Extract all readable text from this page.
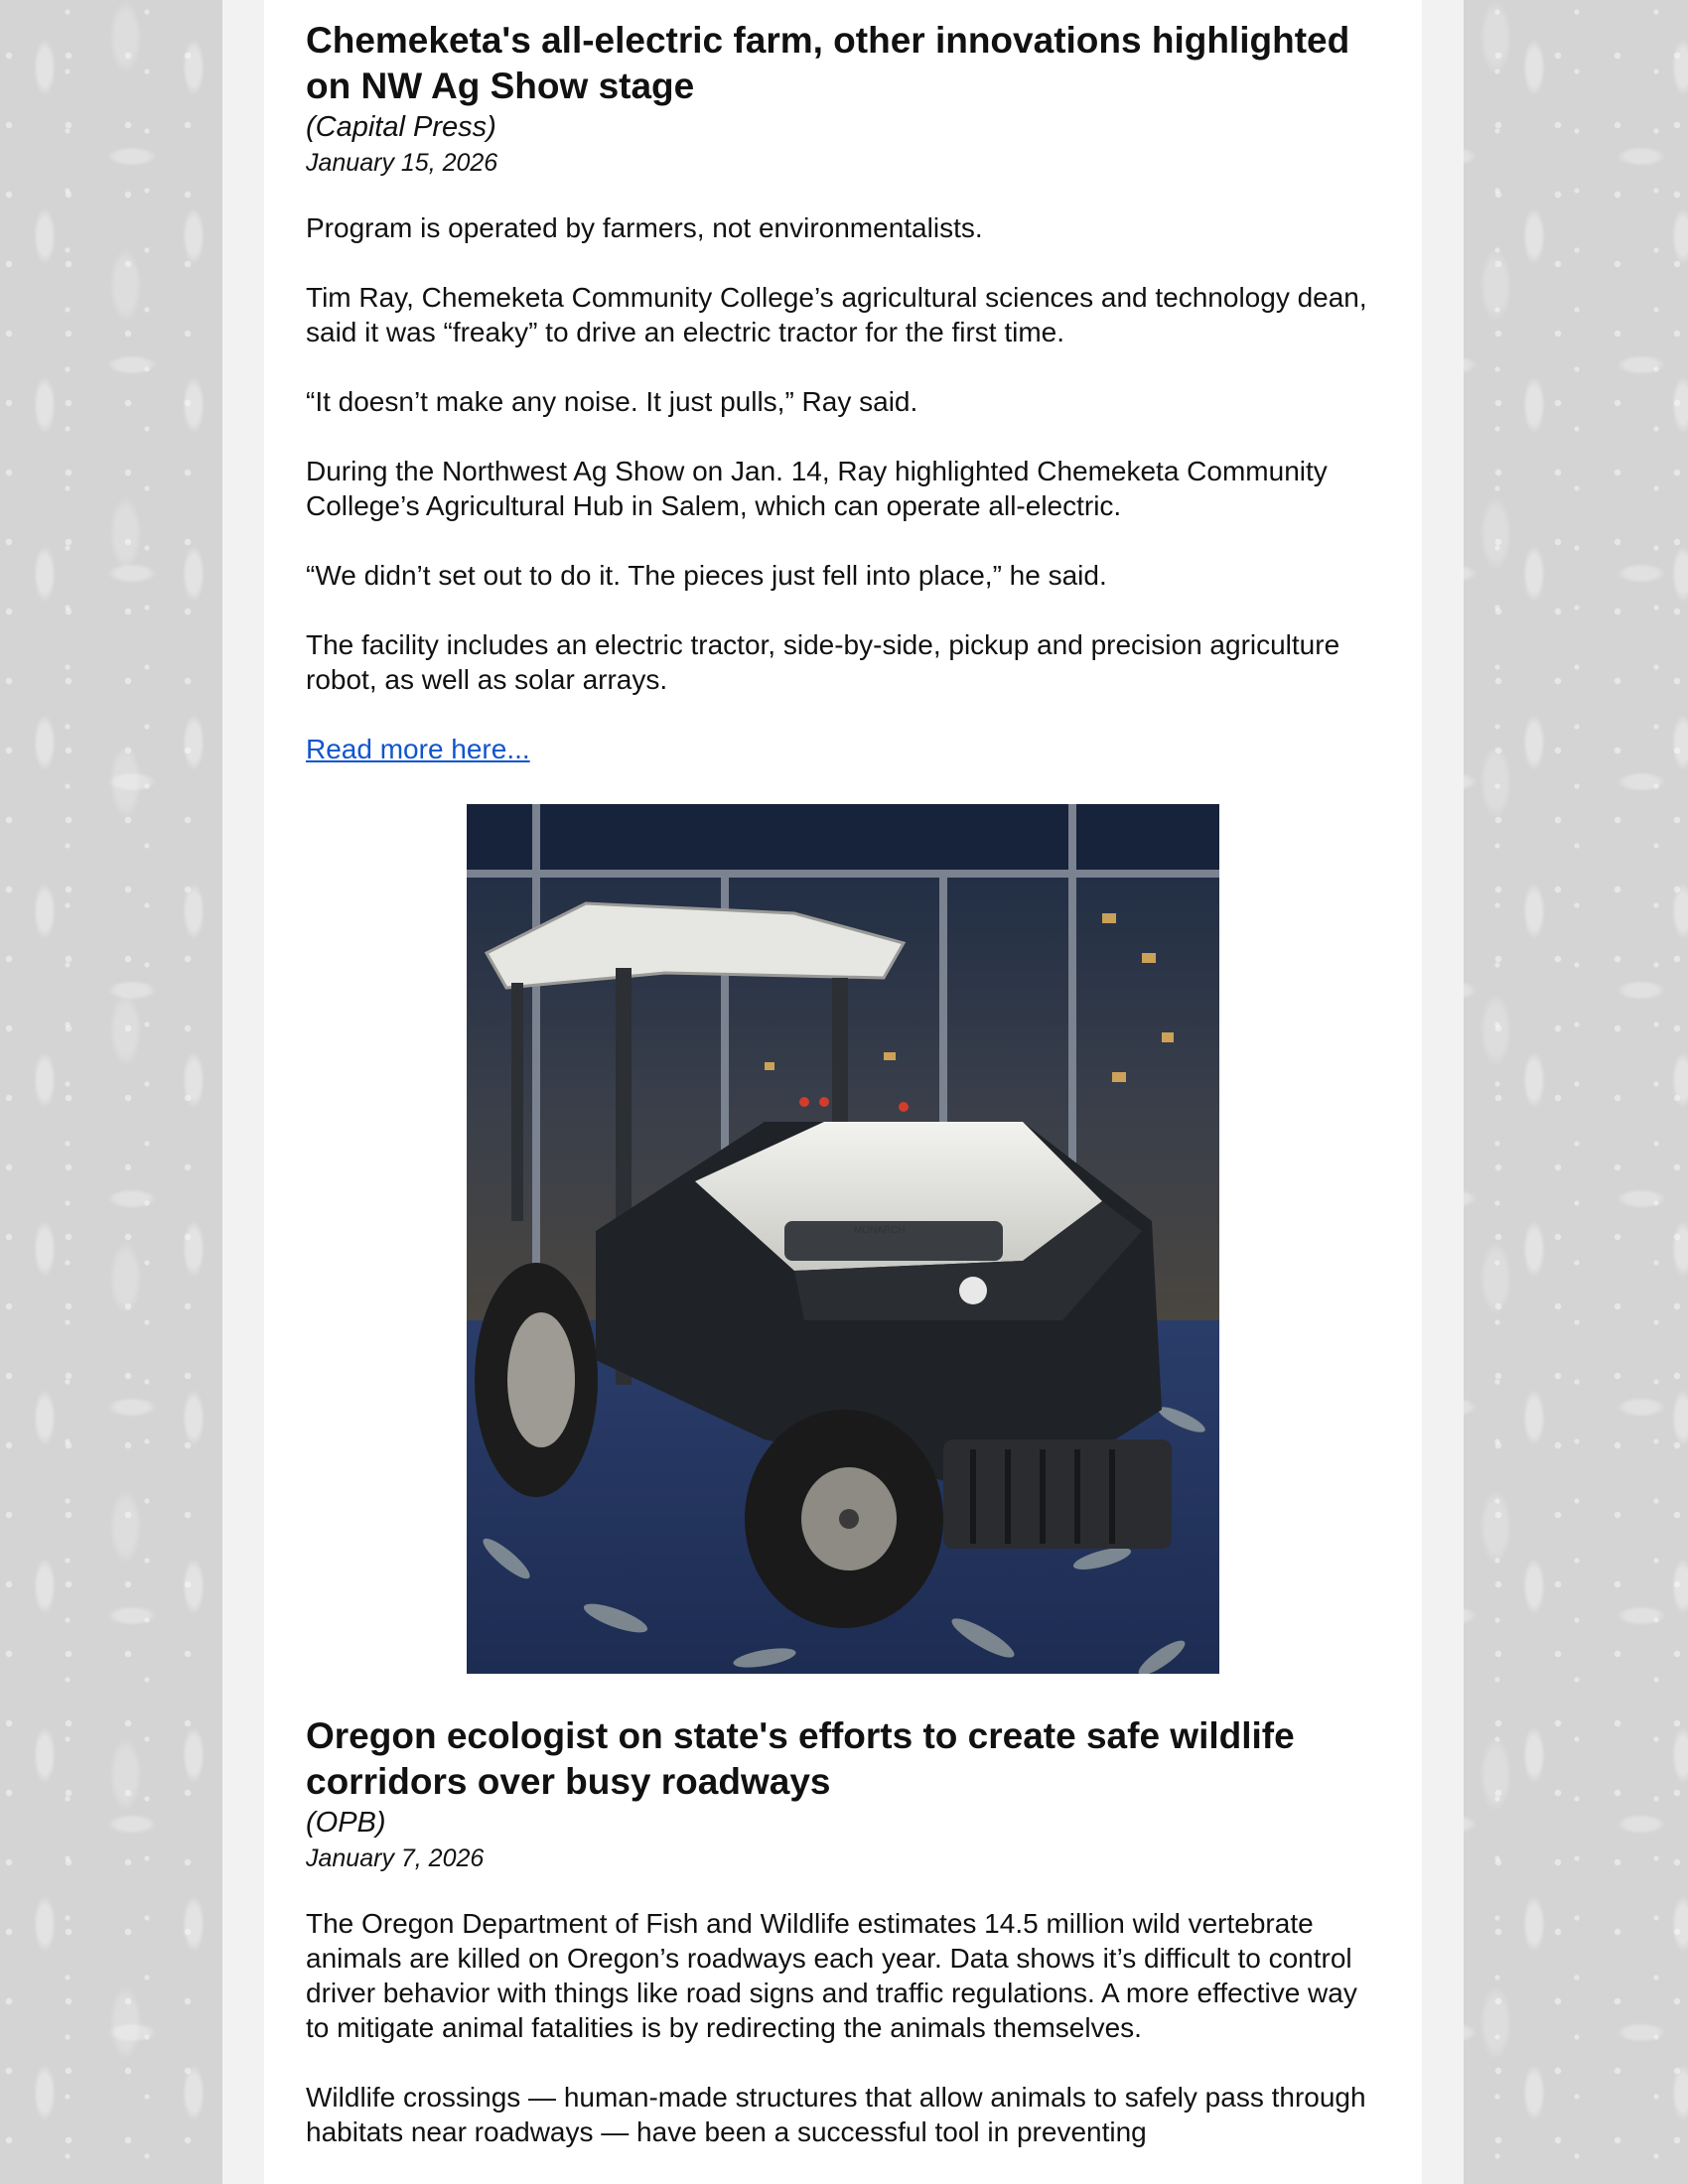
Chemeketa's all-electric farm, other innovations highlighted on NW Ag Show stage

(Capital Press)

January 15, 2026

Program is operated by farmers, not environmentalists.

Tim Ray, Chemeketa Community College’s agricultural sciences and technology dean, said it was “freaky” to drive an electric tractor for the first time.

“It doesn’t make any noise. It just pulls,” Ray said.

During the Northwest Ag Show on Jan. 14, Ray highlighted Chemeketa Community College’s Agricultural Hub in Salem, which can operate all-electric.

“We didn’t set out to do it. The pieces just fell into place,” he said.

The facility includes an electric tractor, side-by-side, pickup and precision agriculture robot, as well as solar arrays.

Read more here...
MONARCH
Oregon ecologist on state's efforts to create safe wildlife corridors over busy roadways

(OPB)

January 7, 2026

The Oregon Department of Fish and Wildlife estimates 14.5 million wild vertebrate animals are killed on Oregon’s roadways each year. Data shows it’s difficult to control driver behavior with things like road signs and traffic regulations. A more effective way to mitigate animal fatalities is by redirecting the animals themselves.

Wildlife crossings — human-made structures that allow animals to safely pass through habitats near roadways — have been a successful tool in preventing
